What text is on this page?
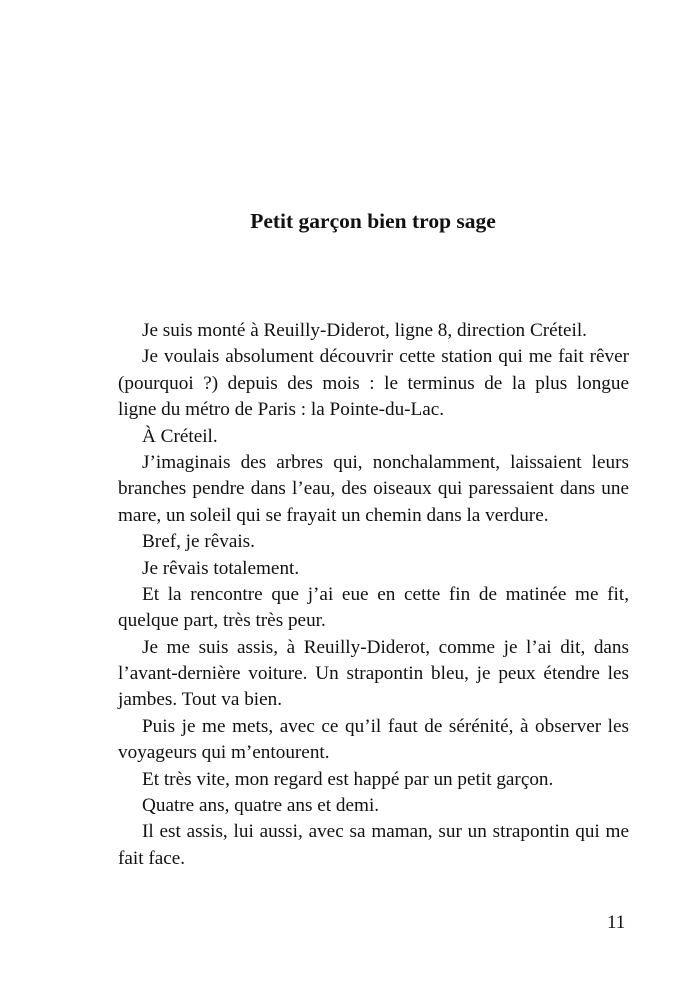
Petit garçon bien trop sage
Je suis monté à Reuilly-Diderot, ligne 8, direction Créteil.
Je voulais absolument découvrir cette station qui me fait rêver
(pourquoi ?) depuis des mois : le terminus de la plus longue
ligne du métro de Paris : la Pointe-du-Lac.
À Créteil.
J’imaginais des arbres qui, nonchalamment, laissaient leurs
branches pendre dans l’eau, des oiseaux qui paressaient dans une
mare, un soleil qui se frayait un chemin dans la verdure.
Bref, je rêvais.
Je rêvais totalement.
Et la rencontre que j’ai eue en cette fin de matinée me fit,
quelque part, très très peur.
Je me suis assis, à Reuilly-Diderot, comme je l’ai dit, dans
l’avant-dernière voiture. Un strapontin bleu, je peux étendre les
jambes. Tout va bien.
Puis je me mets, avec ce qu’il faut de sérénité, à observer les
voyageurs qui m’entourent.
Et très vite, mon regard est happé par un petit garçon.
Quatre ans, quatre ans et demi.
Il est assis, lui aussi, avec sa maman, sur un strapontin qui me
fait face.
11
